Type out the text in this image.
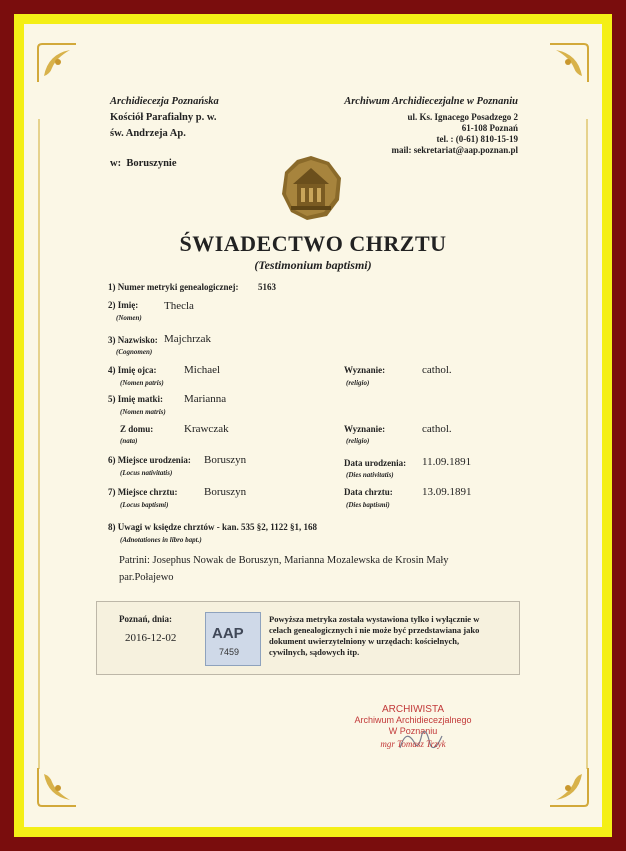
Archidiecezja Poznańska
Kościół Parafialny p. w.
św. Andrzeja Ap.
w: Boruszynie
Archiwum Archidiecezjalne w Poznaniu
ul. Ks. Ignacego Posadzego 2
61-108 Poznań
tel. : (0-61) 810-15-19
mail: sekretariat@aap.poznan.pl
ŚWIADECTWO CHRZTU
(Testimonium baptismi)
1) Numer metryki genealogicznej: 5163
2) Imię:
(Nomen)
Thecla
3) Nazwisko:
(Cognomen)
Majchrzak
4) Imię ojca:
(Nomen patris)
Michael	Wyznanie:
(religio)
cathol.
5) Imię matki:
(Nomen matris)
Marianna
Z domu:
(nata)
Krawczak	Wyznanie:
(religio)
cathol.
6) Miejsce urodzenia:
(Locus nativitatis)
Boruszyn	Data urodzenia:
(Dies nativitatis)
11.09.1891
7) Miejsce chrztu:
(Locus baptismi)
Boruszyn	Data chrztu:
(Dies baptismi)
13.09.1891
8) Uwagi w księdze chrztów - kan. 535 §2, 1122 §1, 168
(Adnotationes in libro bapt.)
Patrini: Josephus Nowak de Boruszyn, Marianna Mozalewska de Krosin Mały
par.Połajewo
Poznań, dnia:
2016-12-02 AAP
7459
Powyższa metryka została wystawiona tylko i wyłącznie w
celach genealogicznych i nie może być przedstawiana jako
dokument uwierzytelniony w urzędach: kościelnych,
cywilnych, sądowych itp.
ARCHIWISTA
Archiwum Archidiecezjalnego
W Poznaniu
mgr Tomasz Trzyk
